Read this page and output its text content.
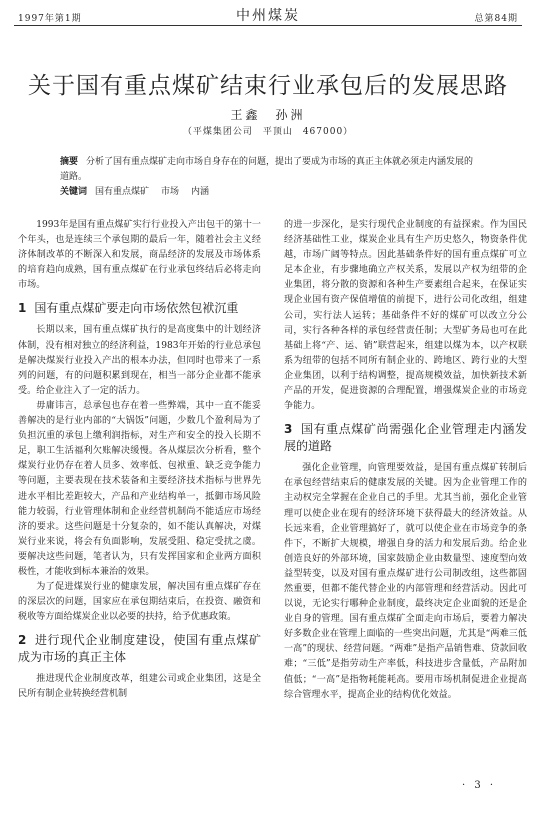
1997年第1期	中州煤炭	总第84期
关于国有重点煤矿结束行业承包后的发展思路
王鑫　孙洲
（平煤集团公司　平顶山　467000）
摘要 分析了国有重点煤矿走向市场自身存在的问题，提出了要成为市场的真正主体就必须走内涵发展的道路。
关键词 国有重点煤矿 市场 内涵

1993年是国有重点煤矿实行行业投入产出包干的第十一个年头，也是连续三个承包期的最后一年，随着社会主义经济体制改革的不断深入和发展，商品经济的发展及市场体系的培育趋向成熟，国有重点煤矿在行业承包终结后必将走向市场。

1 国有重点煤矿要走向市场依然包袱沉重

长期以来，国有重点煤矿执行的是高度集中的计划经济体制，没有相对独立的经济利益，1983年开始的行业总承包是解决煤炭行业投入产出的根本办法，但同时也带来了一系列的问题，有的问题积累到现在，相当一部分企业都不能承受。给企业注入了一定的活力。

毋庸讳言，总承包也存在着一些弊端，其中一直不能妥善解决的是行业内部的“大锅饭”问题，少数几个盈利局为了负担沉重的承包上缴利润指标，对生产和安全的投入长期不足，职工生活福利欠账解决缓慢。各从煤层次分析看，整个煤炭行业仍存在着人员多、效率低、包袱重、缺乏竞争能力等问题，主要表现在技术装备和主要经济技术指标与世界先进水平相比差距较大，产品和产业结构单一，抵御市场风险能力较弱，行业管理体制和企业经营机制尚不能适应市场经济的要求。这些问题是十分复杂的，如不能认真解决，对煤炭行业来说，将会有负面影响，发展受阻、稳定受扰之虞。要解决这些问题，笔者认为，只有发挥国家和企业两方面积极性，才能收到标本兼治的效果。

为了促进煤炭行业的健康发展，解决国有重点煤矿存在的深层次的问题，国家应在承包期结束后，在投资、融资和税收等方面给煤炭企业以必要的扶持，给予优惠政策。

2 进行现代企业制度建设，使国有重点煤矿成为市场的真正主体

推进现代企业制度改革，组建公司或企业集团，这是全民所有制企业转换经营机制

的进一步深化，是实行现代企业制度的有益探索。作为国民经济基础性工业，煤炭企业具有生产历史悠久，物资条件优越，市场广阔等特点。因此基础条件好的国有重点煤矿可立足本企业，有步骤地确立产权关系，发展以产权为纽带的企业集团，将分散的资源和各种生产要素组合起来，在保证实现企业国有资产保值增值的前提下，进行公司化改组，组建公司，实行法人运转；基础条件不好的煤矿可以改立分公司，实行各种各样的承包经营责任制；大型矿务局也可在此基础上将“产、运、销”联营起来，组建以煤为本，以产权联系为纽带的包括不同所有制企业的、跨地区、跨行业的大型企业集团，以利于结构调整，提高规模效益，加快新技术新产品的开发，促进资源的合理配置，增强煤炭企业的市场竞争能力。

3 国有重点煤矿尚需强化企业管理走内涵发展的道路

强化企业管理，向管理要效益，是国有重点煤矿转制后在承包经营结束后的健康发展的关键。因为企业管理工作的主动权完全掌握在企业自己的手里。尤其当前，强化企业管理可以使企业在现有的经济环境下获得最大的经济效益。从长远来看，企业管理搞好了，就可以使企业在市场竞争的条件下，不断扩大规模，增强自身的活力和发展后劲。给企业创造良好的外部环境，国家鼓励企业由数量型、速度型向效益型转变，以及对国有重点煤矿进行公司制改组，这些都固然重要，但都不能代替企业的内部管理和经营活动。因此可以说，无论实行哪种企业制度，最终决定企业面貌的还是企业自身的管理。国有重点煤矿全面走向市场后，要着力解决好多数企业在管理上面临的一些突出问题，尤其是“两难三低一高”的现状、经营问题。“两难”是指产品销售难、贷款回收难；“三低”是指劳动生产率低，科技进步含量低，产品附加值低；“一高”是指物耗能耗高。要用市场机制促进企业提高综合管理水平，提高企业的结构优化效益。

· 3 ·
